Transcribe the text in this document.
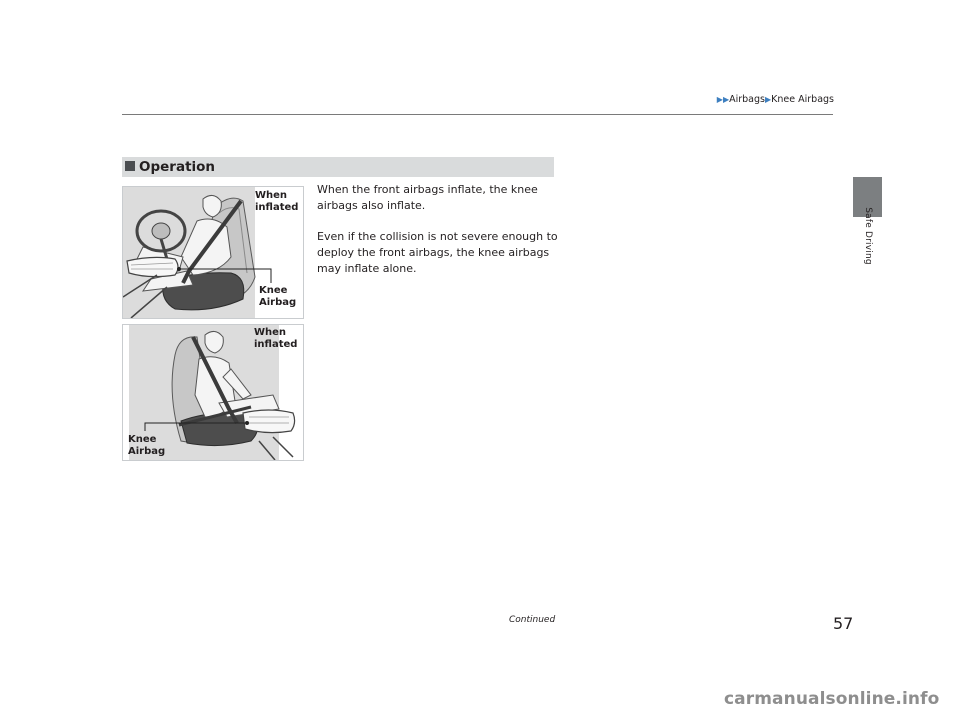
▶▶Airbags▶Knee Airbags
Safe Driving
Operation
When
inflated
Knee
Airbag
When
inflated
Knee
Airbag

When the front airbags inflate, the knee airbags also inflate.

Even if the collision is not severe enough to deploy the front airbags, the knee airbags may inflate alone.

Continued	57
carmanualsonline.info
